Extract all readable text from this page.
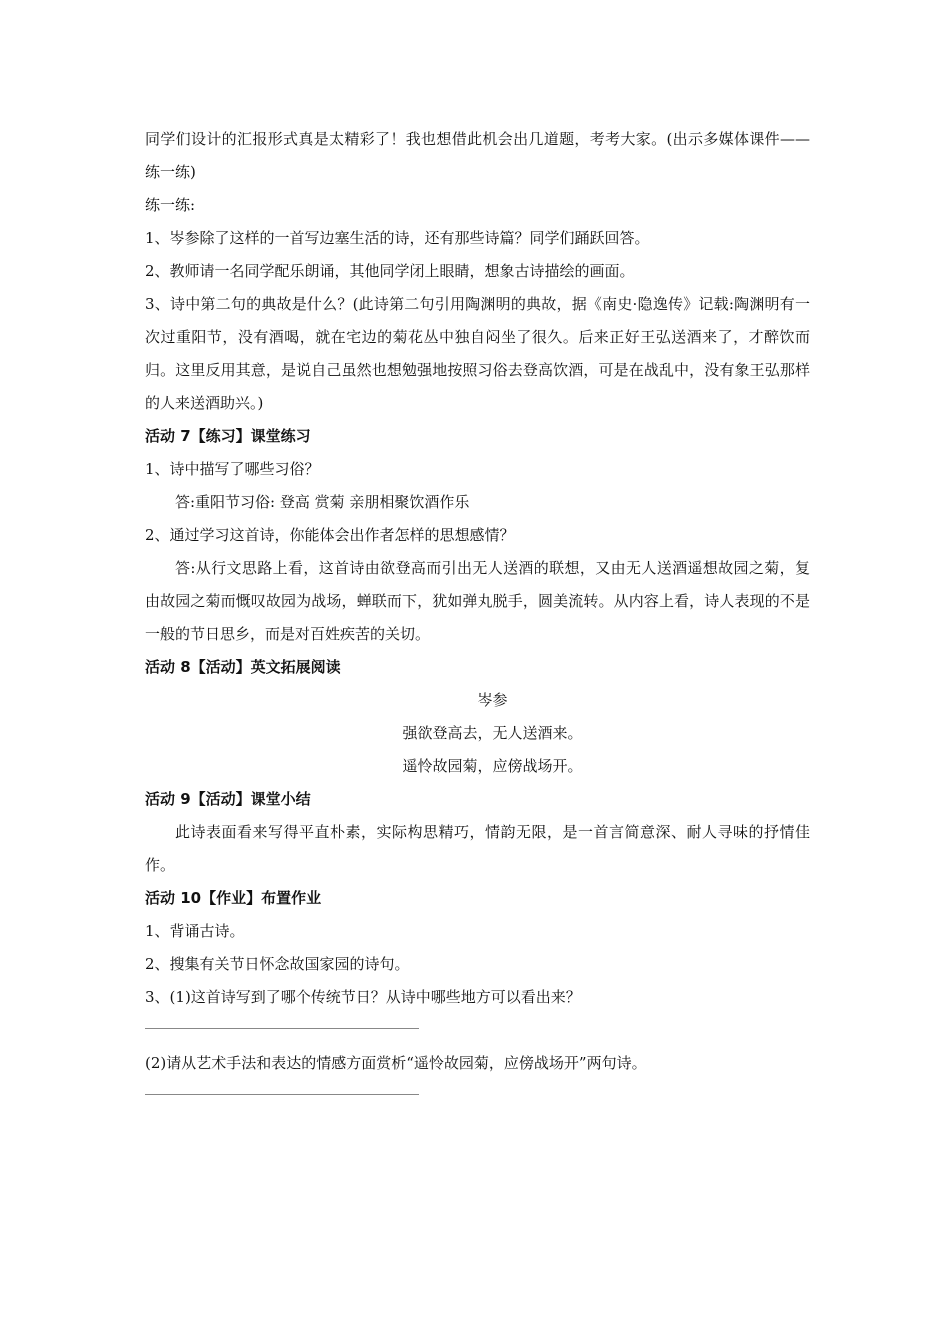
同学们设计的汇报形式真是太精彩了！我也想借此机会出几道题，考考大家。(出示多媒体课件——练一练)

练一练:

1、岑参除了这样的一首写边塞生活的诗，还有那些诗篇？同学们踊跃回答。

2、教师请一名同学配乐朗诵，其他同学闭上眼睛，想象古诗描绘的画面。

3、诗中第二句的典故是什么？(此诗第二句引用陶渊明的典故，据《南史·隐逸传》记载:陶渊明有一次过重阳节，没有酒喝，就在宅边的菊花丛中独自闷坐了很久。后来正好王弘送酒来了，才醉饮而归。这里反用其意，是说自己虽然也想勉强地按照习俗去登高饮酒，可是在战乱中，没有象王弘那样的人来送酒助兴。)

活动 7【练习】课堂练习

1、诗中描写了哪些习俗？

答:重阳节习俗: 登高 赏菊 亲朋相聚饮酒作乐

2、通过学习这首诗，你能体会出作者怎样的思想感情？

答:从行文思路上看，这首诗由欲登高而引出无人送酒的联想，又由无人送酒遥想故园之菊，复由故园之菊而慨叹故园为战场，蝉联而下，犹如弹丸脱手，圆美流转。从内容上看，诗人表现的不是一般的节日思乡，而是对百姓疾苦的关切。

活动 8【活动】英文拓展阅读

岑参

强欲登高去，无人送酒来。

遥怜故园菊，应傍战场开。

活动 9【活动】课堂小结

此诗表面看来写得平直朴素，实际构思精巧，情韵无限，是一首言简意深、耐人寻味的抒情佳作。

活动 10【作业】布置作业

1、背诵古诗。

2、搜集有关节日怀念故国家园的诗句。

3、(1)这首诗写到了哪个传统节日？从诗中哪些地方可以看出来？

(2)请从艺术手法和表达的情感方面赏析“遥怜故园菊，应傍战场开”两句诗。
